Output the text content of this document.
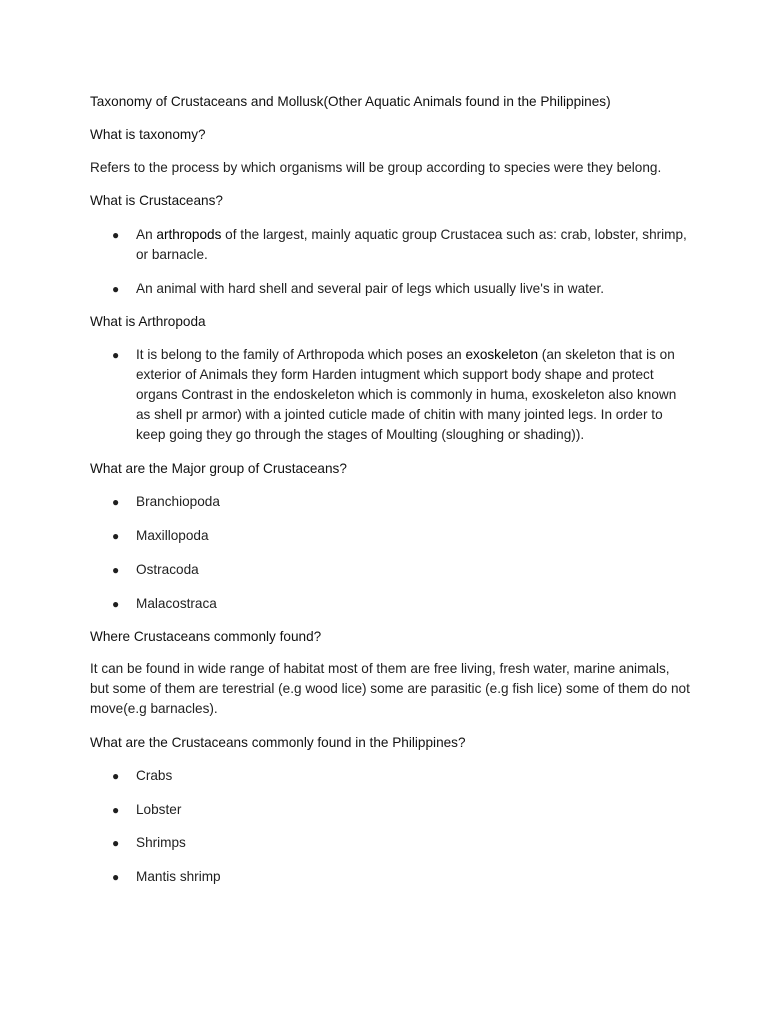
Taxonomy of Crustaceans and Mollusk(Other Aquatic Animals found in the Philippines)
What is taxonomy?
Refers to the process by which organisms will be group according to species were they belong.
What is Crustaceans?
●	An arthropods of the largest, mainly aquatic group Crustacea such as: crab, lobster, shrimp, or barnacle.
●	An animal with hard shell and several pair of legs which usually live's in water.
What is Arthropoda
●	It is belong to the family of Arthropoda which poses an exoskeleton (an skeleton that is on exterior of Animals they form Harden intugment which support body shape and protect organs Contrast in the endoskeleton which is commonly in huma, exoskeleton also known as shell pr armor) with a jointed cuticle made of chitin with many jointed legs. In order to keep going they go through the stages of Moulting (sloughing or shading)).
What are the Major group of Crustaceans?
●	Branchiopoda
●	Maxillopoda
●	Ostracoda
●	Malacostraca
Where Crustaceans commonly found?
It can be found in wide range of habitat most of them are free living, fresh water, marine animals, but some of them are terestrial (e.g wood lice) some are parasitic (e.g fish lice) some of them do not move(e.g barnacles).
What are the Crustaceans commonly found in the Philippines?
●	Crabs
●	Lobster
●	Shrimps
●	Mantis shrimp
